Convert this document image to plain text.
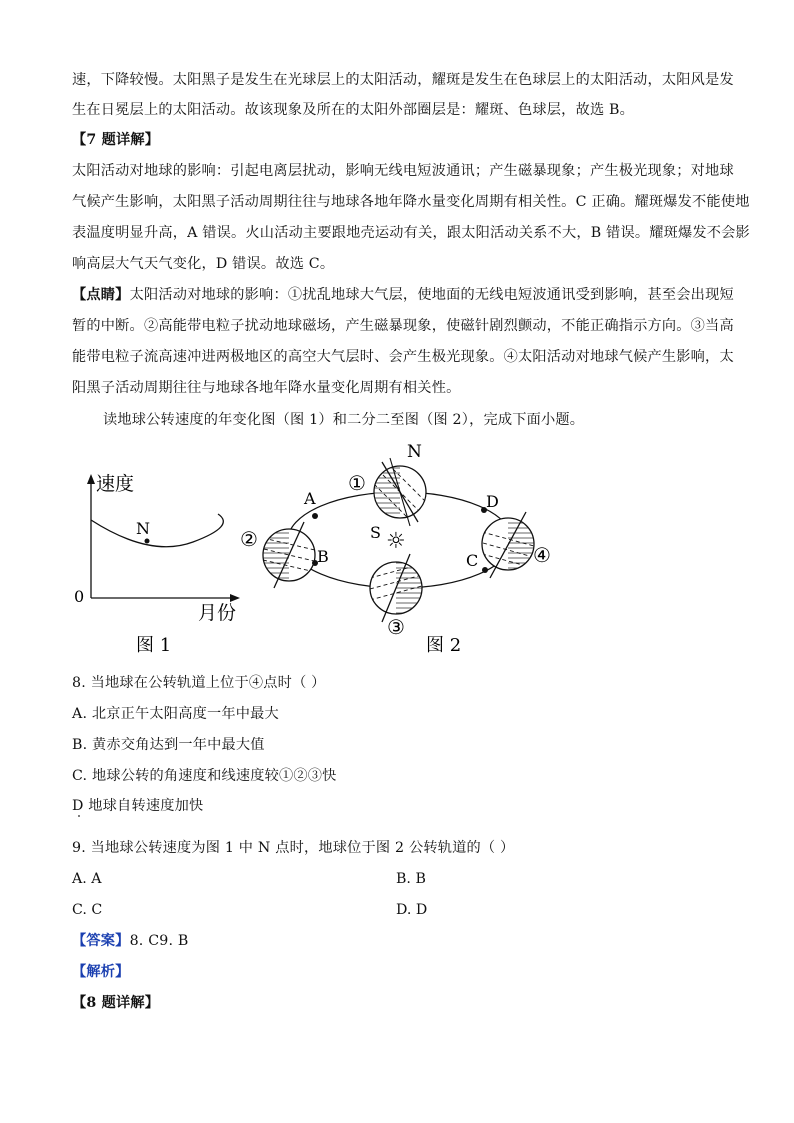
速，下降较慢。太阳黑子是发生在光球层上的太阳活动，耀斑是发生在色球层上的太阳活动，太阳风是发
生在日冕层上的太阳活动。故该现象及所在的太阳外部圈层是：耀斑、色球层，故选 B。
【7 题详解】
太阳活动对地球的影响：引起电离层扰动，影响无线电短波通讯；产生磁暴现象；产生极光现象；对地球
气候产生影响，太阳黑子活动周期往往与地球各地年降水量变化周期有相关性。C 正确。耀斑爆发不能使地
表温度明显升高，A 错误。火山活动主要跟地壳运动有关，跟太阳活动关系不大，B 错误。耀斑爆发不会影
响高层大气天气变化，D 错误。故选 C。
【点睛】太阳活动对地球的影响：①扰乱地球大气层，使地面的无线电短波通讯受到影响，甚至会出现短
暂的中断。②高能带电粒子扰动地球磁场，产生磁暴现象，使磁针剧烈颤动，不能正确指示方向。③当高
能带电粒子流高速冲进两极地区的高空大气层时、会产生极光现象。④太阳活动对地球气候产生影响，太
阳黑子活动周期往往与地球各地年降水量变化周期有相关性。
读地球公转速度的年变化图（图 1）和二分二至图（图 2），完成下面小题。
速度
月份
0
N
图 1
S ☼
N
A
B	C
D
①
②
③
④
图 2
8. 当地球在公转轨道上位于④点时（ ）
A. 北京正午太阳高度一年中最大
B. 黄赤交角达到一年中最大值
C. 地球公转的角速度和线速度较①②③快
D 地球自转速度加快
9. 当地球公转速度为图 1 中 N 点时，地球位于图 2 公转轨道的（ ）
A. A	B. B
C. C	D. D
【答案】8. C9. B
【解析】
【8 题详解】
